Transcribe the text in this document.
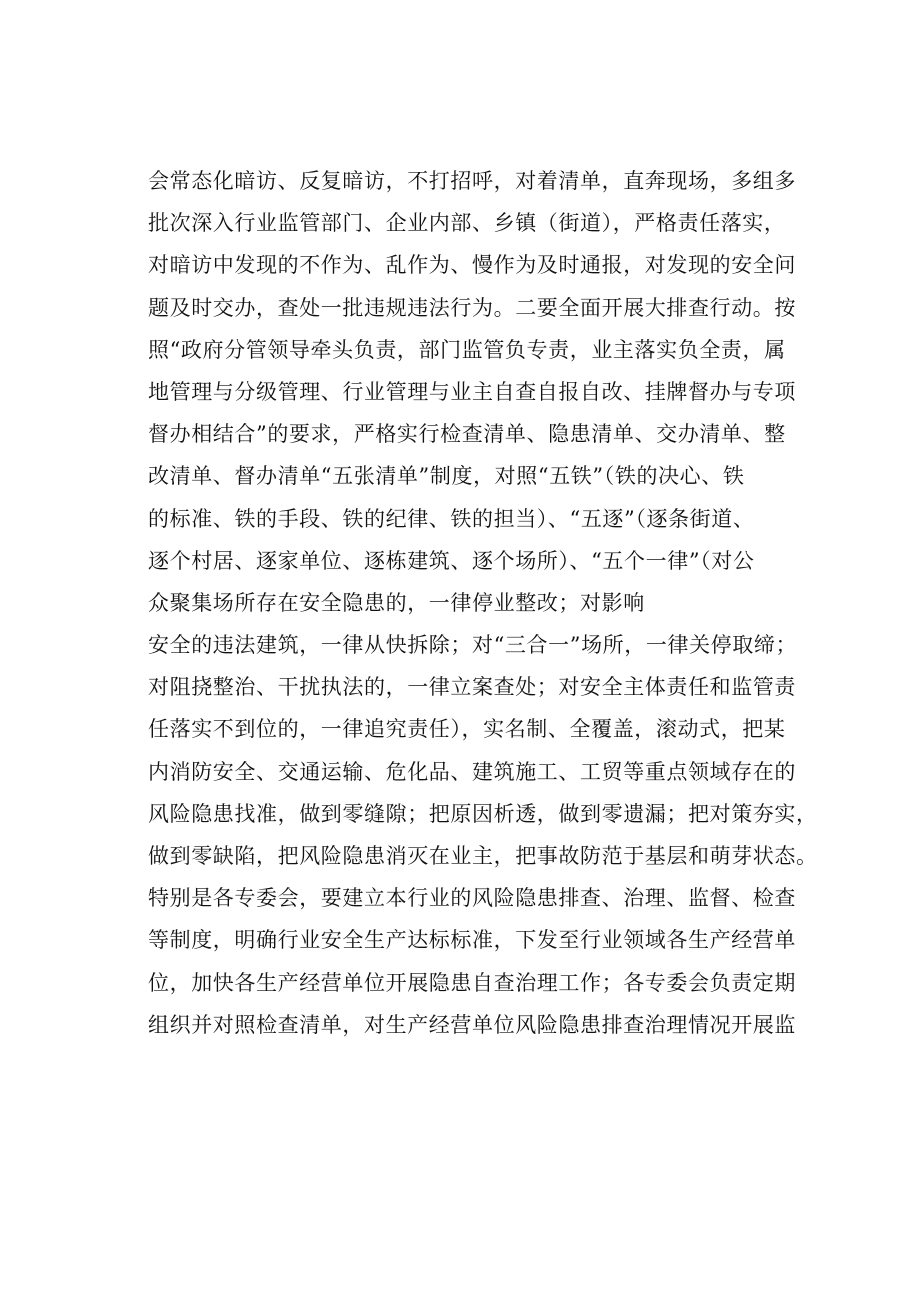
会常态化暗访、反复暗访，不打招呼，对着清单，直奔现场，多组多
批次深入行业监管部门、企业内部、乡镇（街道），严格责任落实，
对暗访中发现的不作为、乱作为、慢作为及时通报，对发现的安全问
题及时交办，查处一批违规违法行为。二要全面开展大排查行动。按
照“政府分管领导牵头负责，部门监管负专责，业主落实负全责，属
地管理与分级管理、行业管理与业主自查自报自改、挂牌督办与专项
督办相结合”的要求，严格实行检查清单、隐患清单、交办清单、整
改清单、督办清单“五张清单”制度，对照“五铁”（铁的决心、铁
的标准、铁的手段、铁的纪律、铁的担当）、“五逐”（逐条街道、
逐个村居、逐家单位、逐栋建筑、逐个场所）、“五个一律”（对公
众聚集场所存在安全隐患的，一律停业整改；对影响
安全的违法建筑，一律从快拆除；对“三合一”场所，一律关停取缔；
对阻挠整治、干扰执法的，一律立案查处；对安全主体责任和监管责
任落实不到位的，一律追究责任），实名制、全覆盖，滚动式，把某
内消防安全、交通运输、危化品、建筑施工、工贸等重点领域存在的
风险隐患找准，做到零缝隙；把原因析透，做到零遗漏；把对策夯实，
做到零缺陷，把风险隐患消灭在业主，把事故防范于基层和萌芽状态。
特别是各专委会，要建立本行业的风险隐患排查、治理、监督、检查
等制度，明确行业安全生产达标标准，下发至行业领域各生产经营单
位，加快各生产经营单位开展隐患自查治理工作；各专委会负责定期
组织并对照检查清单，对生产经营单位风险隐患排查治理情况开展监
